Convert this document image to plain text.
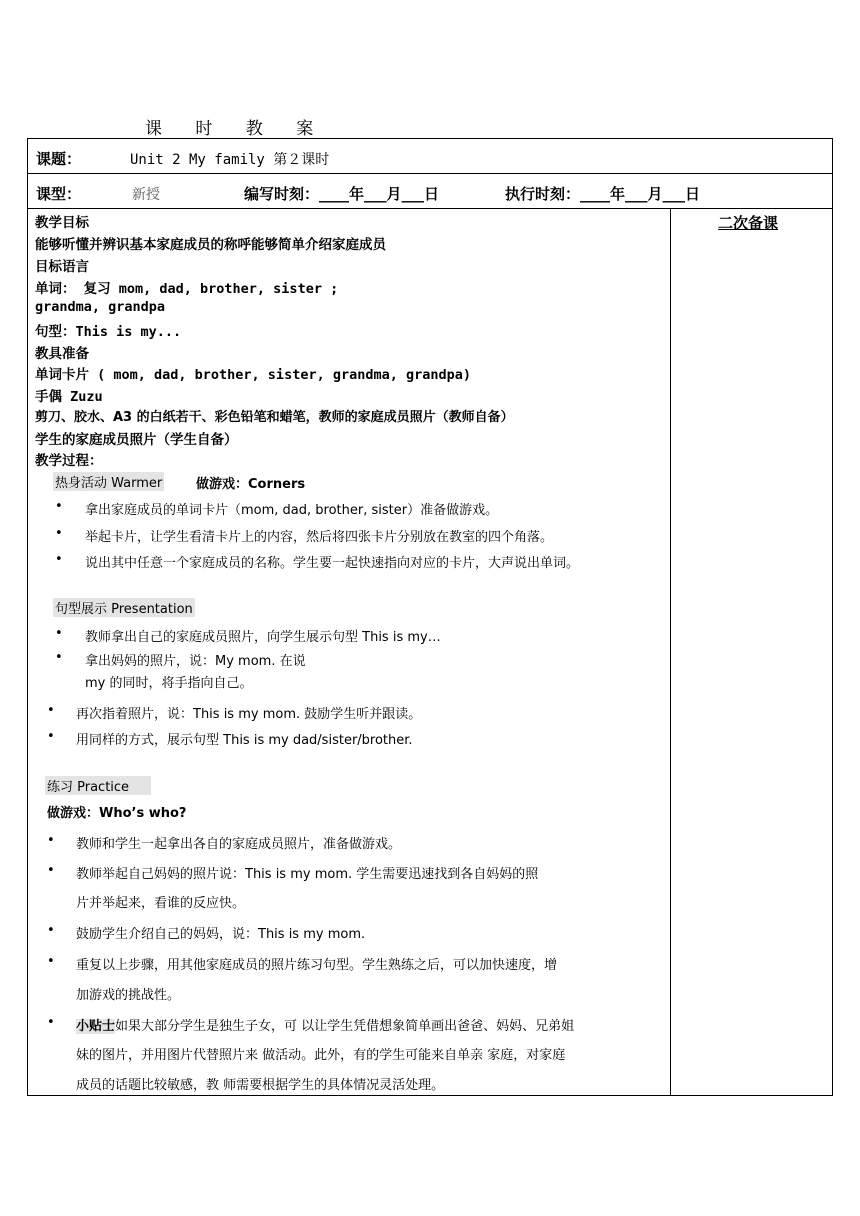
课 时 教 案
课题：	Unit 2 My family 第２课时
课型：	新授	编写时刻：____年___月___日	执行时刻：____年___月___日
二次备课
教学目标
能够听懂并辨识基本家庭成员的称呼能够简单介绍家庭成员
目标语言
单词： 复习 mom, dad, brother, sister ;
grandma, grandpa
句型：This is my...
教具准备
单词卡片 ( mom, dad, brother, sister, grandma, grandpa)
手偶 Zuzu
剪刀、胶水、A3 的白纸若干、彩色铅笔和蜡笔，教师的家庭成员照片（教师自备）
学生的家庭成员照片（学生自备）
教学过程：
热身活动 Warmer	做游戏：Corners
• 拿出家庭成员的单词卡片（mom, dad, brother, sister）准备做游戏。
• 举起卡片，让学生看清卡片上的内容，然后将四张卡片分别放在教室的四个角落。
• 说出其中任意一个家庭成员的名称。学生要一起快速指向对应的卡片，大声说出单词。
句型展示 Presentation
• 教师拿出自己的家庭成员照片，向学生展示句型 This is my…
• 拿出妈妈的照片，说：My mom. 在说
my 的同时，将手指向自己。
• 再次指着照片，说：This is my mom. 鼓励学生听并跟读。
• 用同样的方式，展示句型 This is my dad/sister/brother.
练习 Practice
做游戏：Who’s who?
• 教师和学生一起拿出各自的家庭成员照片，准备做游戏。
• 教师举起自己妈妈的照片说：This is my mom. 学生需要迅速找到各自妈妈的照
片并举起来，看谁的反应快。
• 鼓励学生介绍自己的妈妈，说：This is my mom.
• 重复以上步骤，用其他家庭成员的照片练习句型。学生熟练之后，可以加快速度，增
加游戏的挑战性。
• 小贴士如果大部分学生是独生子女，可 以让学生凭借想象简单画出爸爸、妈妈、兄弟姐
妹的图片，并用图片代替照片来 做活动。此外，有的学生可能来自单亲 家庭，对家庭
成员的话题比较敏感，教 师需要根据学生的具体情况灵活处理。
